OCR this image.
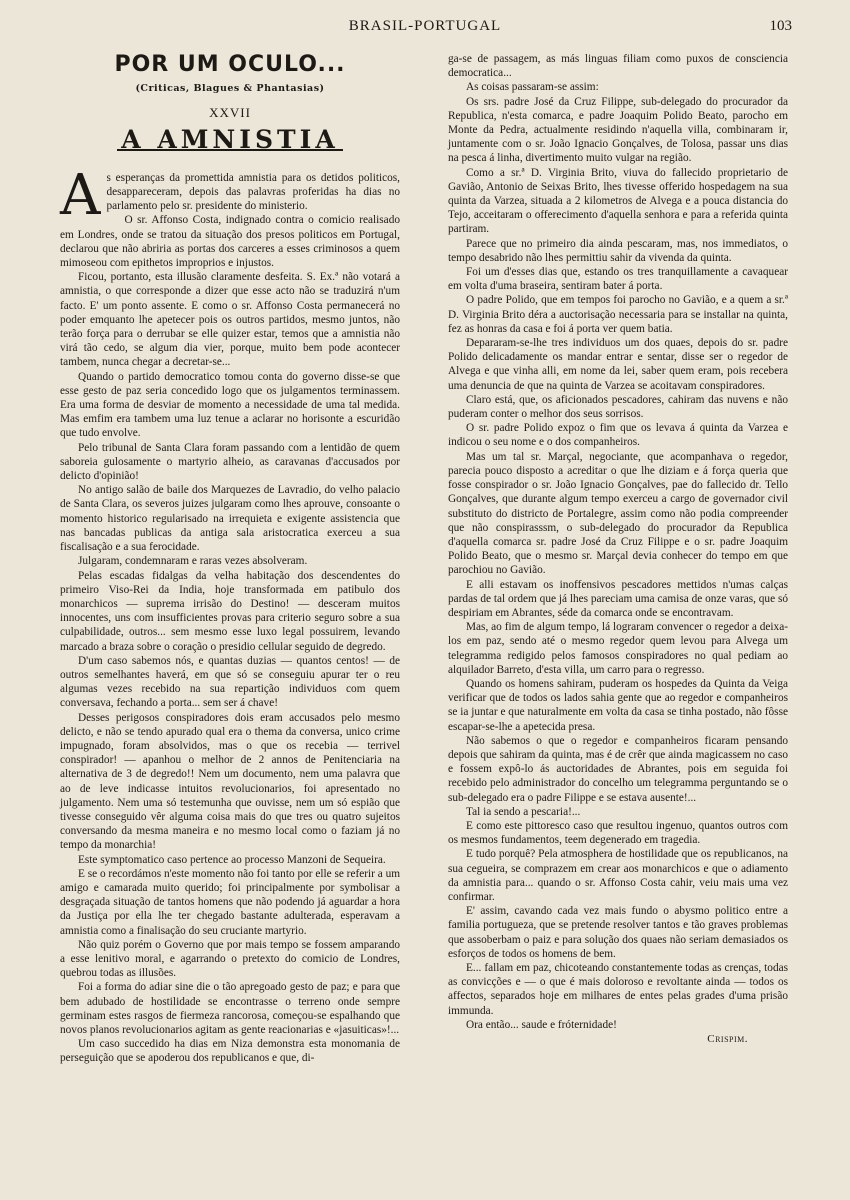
BRASIL-PORTUGAL	103
POR UM OCULO...
(Criticas, Blagues & Phantasias)
XXVII
A AMNISTIA

As esperanças da promettida amnistia para os detidos politicos, desappareceram, depois das palavras proferidas ha dias no parlamento pelo sr. presidente do ministerio.

O sr. Affonso Costa, indignado contra o comicio realisado em Londres, onde se tratou da situação dos presos politicos em Portugal, declarou que não abriria as portas dos carceres a esses criminosos a quem mimoseou com epithetos improprios e injustos.

Ficou, portanto, esta illusão claramente desfeita. S. Ex.ª não votará a amnistia, o que corresponde a dizer que esse acto não se traduzirá n'um facto. E' um ponto assente. E como o sr. Affonso Costa permanecerá no poder emquanto lhe apetecer pois os outros partidos, mesmo juntos, não terão força para o derrubar se elle quizer estar, temos que a amnistia não virá tão cedo, se algum dia vier, porque, muito bem pode acontecer tambem, nunca chegar a decretar-se...

Quando o partido democratico tomou conta do governo disse-se que esse gesto de paz seria concedido logo que os julgamentos terminassem. Era uma forma de desviar de momento a necessidade de uma tal medida. Mas emfim era tambem uma luz tenue a aclarar no horisonte a escuridão que tudo envolve.

Pelo tribunal de Santa Clara foram passando com a lentidão de quem saboreia gulosamente o martyrio alheio, as caravanas d'accusados por delicto d'opinião!

No antigo salão de baile dos Marquezes de Lavradio, do velho palacio de Santa Clara, os severos juizes julgaram como lhes aprouve, consoante o momento historico regularisado na irrequieta e exigente assistencia que nas bancadas publicas da antiga sala aristocratica exerceu a sua fiscalisação e a sua ferocidade.

Julgaram, condemnaram e raras vezes absolveram.

Pelas escadas fidalgas da velha habitação dos descendentes do primeiro Viso-Rei da India, hoje transformada em patibulo dos monarchicos — suprema irrisão do Destino! — desceram muitos innocentes, uns com insufficientes provas para criterio seguro sobre a sua culpabilidade, outros... sem mesmo esse luxo legal possuirem, levando marcado a braza sobre o coração o presidio cellular seguido de degredo.

D'um caso sabemos nós, e quantas duzias — quantos centos! — de outros semelhantes haverá, em que só se conseguiu apurar ter o reu algumas vezes recebido na sua repartição individuos com quem conversava, fechando a porta... sem ser á chave!

Desses perigosos conspiradores dois eram accusados pelo mesmo delicto, e não se tendo apurado qual era o thema da conversa, unico crime impugnado, foram absolvidos, mas o que os recebia — terrivel conspirador! — apanhou o melhor de 2 annos de Penitenciaria na alternativa de 3 de degredo!! Nem um documento, nem uma palavra que ao de leve indicasse intuitos revolucionarios, foi apresentado no julgamento. Nem uma só testemunha que ouvisse, nem um só espião que tivesse conseguido vêr alguma coisa mais do que tres ou quatro sujeitos conversando da mesma maneira e no mesmo local como o faziam já no tempo da monarchia!

Este symptomatico caso pertence ao processo Manzoni de Sequeira.

E se o recordámos n'este momento não foi tanto por elle se referir a um amigo e camarada muito querido; foi principalmente por symbolisar a desgraçada situação de tantos homens que não podendo já aguardar a hora da Justiça por ella lhe ter chegado bastante adulterada, esperavam a amnistia como a finalisação do seu cruciante martyrio.

Não quiz porém o Governo que por mais tempo se fossem amparando a esse lenitivo moral, e agarrando o pretexto do comicio de Londres, quebrou todas as illusões.

Foi a forma do adiar sine die o tão apregoado gesto de paz; e para que bem adubado de hostilidade se encontrasse o terreno onde sempre germinam estes rasgos de fiermeza rancorosa, começou-se espalhando que novos planos revolucionarios agitam as gente reacionarias e «jasuiticas»!...

Um caso succedido ha dias em Niza demonstra esta monomania de perseguição que se apoderou dos republicanos e que, di-

ga-se de passagem, as más linguas filiam como puxos de consciencia democratica...

As coisas passaram-se assim:

Os srs. padre José da Cruz Filippe, sub-delegado do procurador da Republica, n'esta comarca, e padre Joaquim Polido Beato, parocho em Monte da Pedra, actualmente residindo n'aquella villa, combinaram ir, juntamente com o sr. João Ignacio Gonçalves, de Tolosa, passar uns dias na pesca á linha, divertimento muito vulgar na região.

Como a sr.ª D. Virginia Brito, viuva do fallecido proprietario de Gavião, Antonio de Seixas Brito, lhes tivesse offerido hospedagem na sua quinta da Varzea, situada a 2 kilometros de Alvega e a pouca distancia do Tejo, acceitaram o offerecimento d'aquella senhora e para a referida quinta partiram.

Parece que no primeiro dia ainda pescaram, mas, nos immediatos, o tempo desabrido não lhes permittiu sahir da vivenda da quinta.

Foi um d'esses dias que, estando os tres tranquillamente a cavaquear em volta d'uma braseira, sentiram bater á porta.

O padre Polido, que em tempos foi parocho no Gavião, e a quem a sr.ª D. Virginia Brito déra a auctorisação necessaria para se installar na quinta, fez as honras da casa e foi á porta ver quem batia.

Depararam-se-lhe tres individuos um dos quaes, depois do sr. padre Polido delicadamente os mandar entrar e sentar, disse ser o regedor de Alvega e que vinha alli, em nome da lei, saber quem eram, pois recebera uma denuncia de que na quinta de Varzea se acoitavam conspiradores.

Claro está, que, os aficionados pescadores, cahiram das nuvens e não puderam conter o melhor dos seus sorrisos.

O sr. padre Polido expoz o fim que os levava á quinta da Varzea e indicou o seu nome e o dos companheiros.

Mas um tal sr. Marçal, negociante, que acompanhava o regedor, parecia pouco disposto a acreditar o que lhe diziam e á força queria que fosse conspirador o sr. João Ignacio Gonçalves, pae do fallecido dr. Tello Gonçalves, que durante algum tempo exerceu a cargo de governador civil substituto do districto de Portalegre, assim como não podia compreender que não conspirasssm, o sub-delegado do procurador da Republica d'aquella comarca sr. padre José da Cruz Filippe e o sr. padre Joaquim Polido Beato, que o mesmo sr. Marçal devia conhecer do tempo em que parochiou no Gavião.

E alli estavam os inoffensivos pescadores mettidos n'umas calças pardas de tal ordem que já lhes pareciam uma camisa de onze varas, que só despiriam em Abrantes, séde da comarca onde se encontravam.

Mas, ao fim de algum tempo, lá lograram convencer o regedor a deixa-los em paz, sendo até o mesmo regedor quem levou para Alvega um telegramma redigido pelos famosos conspiradores no qual pediam ao alquilador Barreto, d'esta villa, um carro para o regresso.

Quando os homens sahiram, puderam os hospedes da Quinta da Veiga verificar que de todos os lados sahia gente que ao regedor e companheiros se ia juntar e que naturalmente em volta da casa se tinha postado, não fôsse escapar-se-lhe a apetecida presa.

Não sabemos o que o regedor e companheiros ficaram pensando depois que sahiram da quinta, mas é de crêr que ainda magicassem no caso e fossem expô-lo ás auctoridades de Abrantes, pois em seguida foi recebido pelo administrador do concelho um telegramma perguntando se o sub-delegado era o padre Filippe e se estava ausente!...

Tal ia sendo a pescaria!...

E como este pittoresco caso que resultou ingenuo, quantos outros com os mesmos fundamentos, teem degenerado em tragedia.

E tudo porquê? Pela atmosphera de hostilidade que os republicanos, na sua cegueira, se comprazem em crear aos monarchicos e que o adiamento da amnistia para... quando o sr. Affonso Costa cahir, veiu mais uma vez confirmar.

E' assim, cavando cada vez mais fundo o abysmo politico entre a familia portugueza, que se pretende resolver tantos e tão graves problemas que assoberbam o paiz e para solução dos quaes não seriam demasiados os esforços de todos os homens de bem.

E... fallam em paz, chicoteando constantemente todas as crenças, todas as convicções e — o que é mais doloroso e revoltante ainda — todos os affectos, separados hoje em milhares de entes pelas grades d'uma prisão immunda.

Ora então... saude e fróternidade!

Crispim.
